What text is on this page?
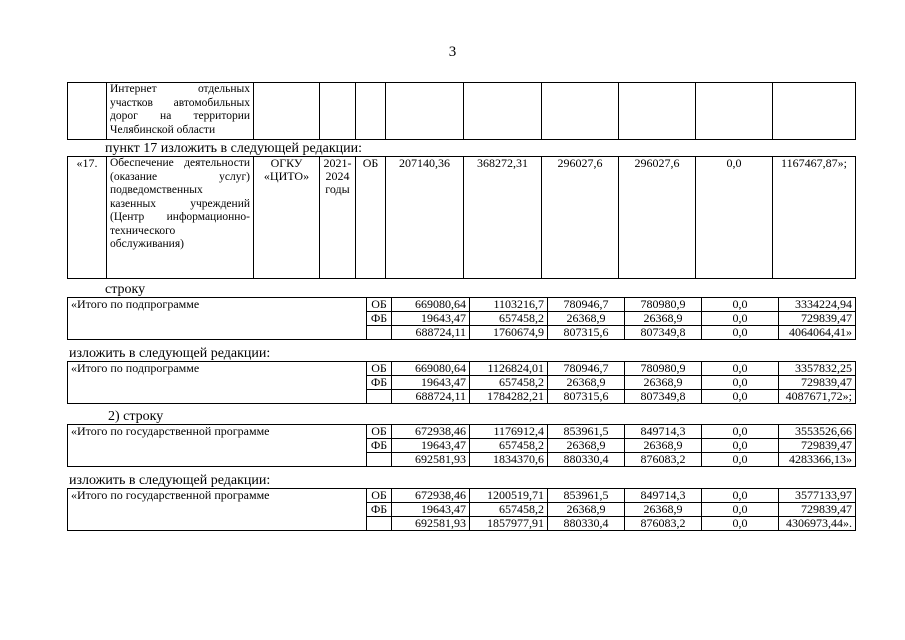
3
	Интернет отдельных участков автомобильных дорог на территории Челябинской области									
пункт 17 изложить в следующей редакции:
«17.	Обеспечение деятельности (оказание услуг) подведомственных казенных учреждений (Центр информационно-технического обслуживания)	ОГКУ «ЦИТО»	2021-2024 годы	ОБ	207140,36	368272,31	296027,6	296027,6	0,0	1167467,87»;
строку
«Итого по подпрограмме	ОБ	669080,64	1103216,7	780946,7	780980,9	0,0	3334224,94
	ФБ	19643,47	657458,2	26368,9	26368,9	0,0	729839,47
		688724,11	1760674,9	807315,6	807349,8	0,0	4064064,41»
изложить в следующей редакции:
«Итого по подпрограмме	ОБ	669080,64	1126824,01	780946,7	780980,9	0,0	3357832,25
	ФБ	19643,47	657458,2	26368,9	26368,9	0,0	729839,47
		688724,11	1784282,21	807315,6	807349,8	0,0	4087671,72»;
2) строку
«Итого по государственной программе	ОБ	672938,46	1176912,4	853961,5	849714,3	0,0	3553526,66
	ФБ	19643,47	657458,2	26368,9	26368,9	0,0	729839,47
		692581,93	1834370,6	880330,4	876083,2	0,0	4283366,13»
изложить в следующей редакции:
«Итого по государственной программе	ОБ	672938,46	1200519,71	853961,5	849714,3	0,0	3577133,97
	ФБ	19643,47	657458,2	26368,9	26368,9	0,0	729839,47
		692581,93	1857977,91	880330,4	876083,2	0,0	4306973,44».
